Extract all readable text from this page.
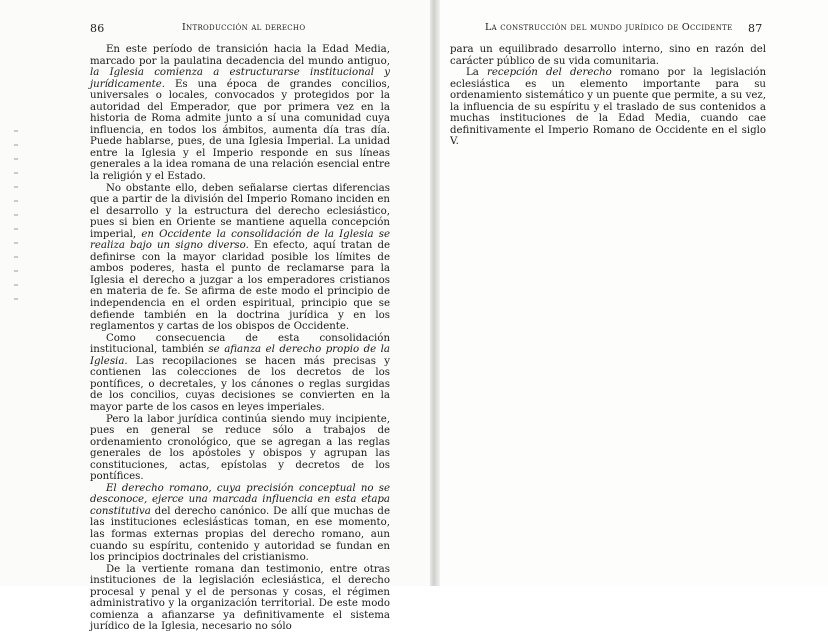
86	Introducción al derecho

En este período de transición hacia la Edad Media, marcado por la paulatina decadencia del mundo antiguo, la Iglesia comienza a estructurarse institucional y jurídicamente. Es una época de grandes concilios, universales o locales, convocados y protegidos por la autoridad del Emperador, que por primera vez en la historia de Roma admite junto a sí una comunidad cuya influencia, en todos los ámbitos, aumenta día tras día. Puede hablarse, pues, de una Iglesia Imperial. La unidad entre la Iglesia y el Imperio responde en sus líneas generales a la idea romana de una relación esencial entre la religión y el Estado.

No obstante ello, deben señalarse ciertas diferencias que a partir de la división del Imperio Romano inciden en el desarrollo y la estructura del derecho eclesiástico, pues si bien en Oriente se mantiene aquella concepción imperial, en Occidente la consolidación de la Iglesia se realiza bajo un signo diverso. En efecto, aquí tratan de definirse con la mayor claridad posible los límites de ambos poderes, hasta el punto de reclamarse para la Iglesia el derecho a juzgar a los emperadores cristianos en materia de fe. Se afirma de este modo el principio de independencia en el orden espiritual, principio que se defiende también en la doctrina jurídica y en los reglamentos y cartas de los obispos de Occidente.

Como consecuencia de esta consolidación institucional, también se afianza el derecho propio de la Iglesia. Las recopilaciones se hacen más precisas y contienen las colecciones de los decretos de los pontífices, o decretales, y los cánones o reglas surgidas de los concilios, cuyas decisiones se convierten en la mayor parte de los casos en leyes imperiales.

Pero la labor jurídica continúa siendo muy incipiente, pues en general se reduce sólo a trabajos de ordenamiento cronológico, que se agregan a las reglas generales de los apóstoles y obispos y agrupan las constituciones, actas, epístolas y decretos de los pontífices.

El derecho romano, cuya precisión conceptual no se desconoce, ejerce una marcada influencia en esta etapa constitutiva del derecho canónico. De allí que muchas de las instituciones eclesiásticas toman, en ese momento, las formas externas propias del derecho romano, aun cuando su espíritu, contenido y autoridad se fundan en los principios doctrinales del cristianismo.

De la vertiente romana dan testimonio, entre otras instituciones de la legislación eclesiástica, el derecho procesal y penal y el de personas y cosas, el régimen administrativo y la organización territorial. De este modo comienza a afianzarse ya definitivamente el sistema jurídico de la Iglesia, necesario no sólo

La construcción del mundo jurídico de Occidente 87

para un equilibrado desarrollo interno, sino en razón del carácter público de su vida comunitaria.

La recepción del derecho romano por la legislación eclesiástica es un elemento importante para su ordenamiento sistemático y un puente que permite, a su vez, la influencia de su espíritu y el traslado de sus contenidos a muchas instituciones de la Edad Media, cuando cae definitivamente el Imperio Romano de Occidente en el siglo V.
